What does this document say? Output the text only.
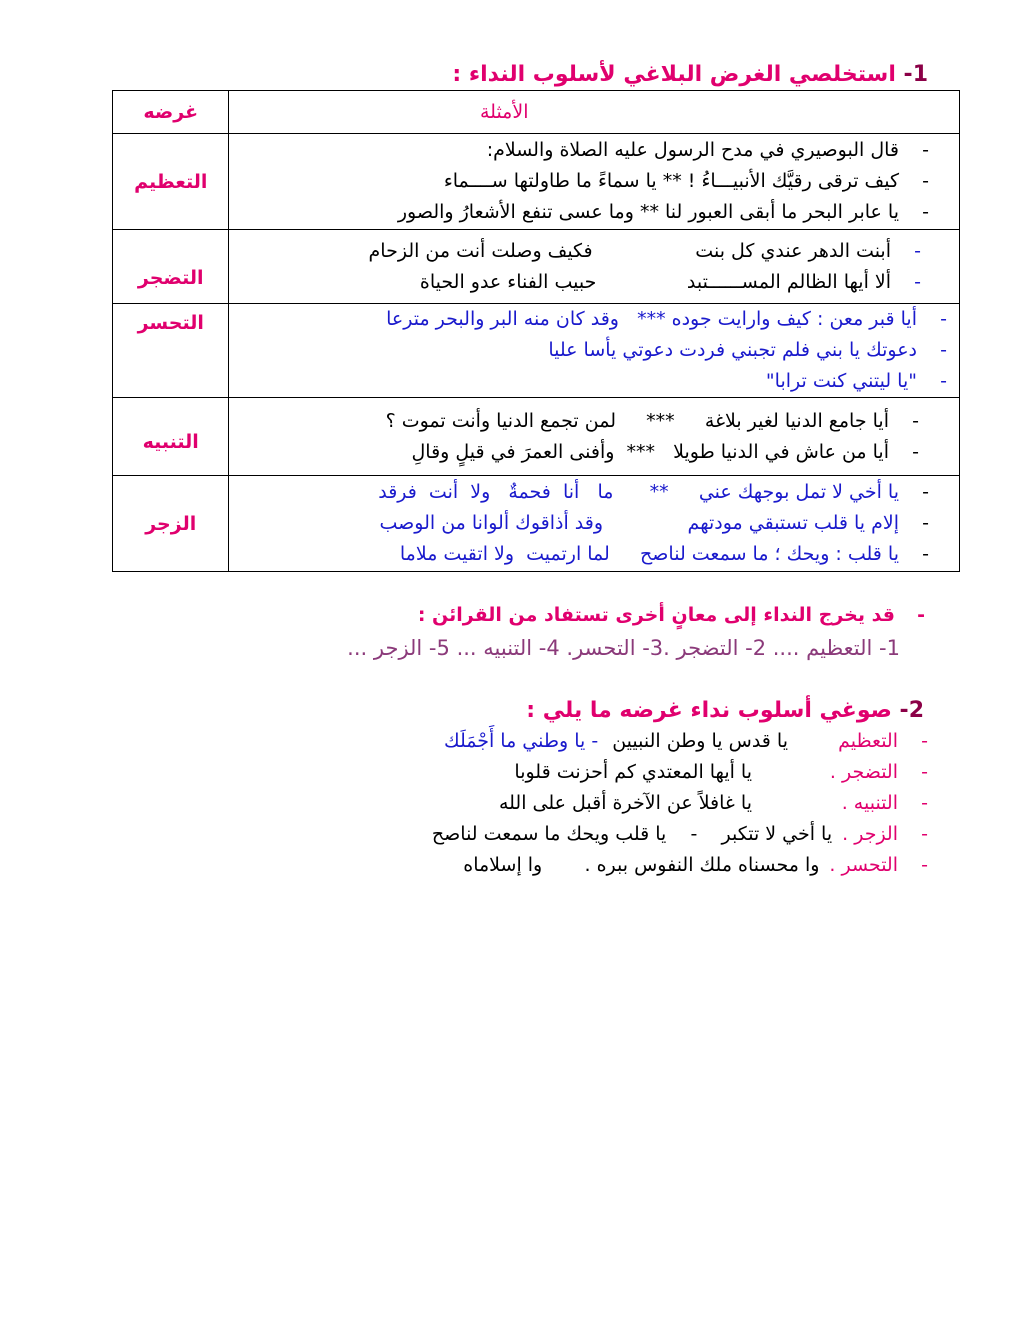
1- استخلصي الغرض البلاغي لأسلوب النداء :
الأمثلة	غرضه

-قال البوصيري في مدح الرسول عليه الصلاة والسلام:
-كيف ترقى رقيَّك الأنبيـــاءُ ! ** يا سماءً ما طاولتها ســــماء
-يا عابر البحر ما أبقى العبور لنا ** وما عسى تنفع الأشعارُ والصور	التعظيم

-أبنت الدهر عندي كل بنت                 فكيف وصلت أنت من الزحام
-ألا أيها الظالم المســــــتبد               حبيب الفناء عدو الحياة	التضجر

-أيا قبر معن : كيف وارايت جوده ***   وقد كان منه البر والبحر مترعا
-دعوتك يا بني فلم تجبني فردت دعوتي يأسا عليا
-"يا ليتني كنت ترابا"	التحسر

-أيا جامع الدنيا لغير بلاغة     ***     لمن تجمع الدنيا وأنت تموت ؟
-أيا من عاش في الدنيا طويلا   ***  وأفنى العمرَ في قيلٍ وقالِ	التنبيه

-يا أخي لا تمل بوجهك عني     **      ما   أنا  فحمةٌ   ولا  أنت  فرقد
-إلام يا قلب تستبقي مودتهم              وقد أذاقوك ألوانا من الوصب
-يا قلب : ويحك ؛ ما سمعت لناصح     لما ارتميت  ولا اتقيت ملاما	الزجر
-قد يخرج النداء إلى معانٍ أخرى تستفاد من القرائن :
1- التعظيم .... 2- التضجر .3- التحسر. 4- التنبيه ... 5- الزجر ...
2- صوغي أسلوب نداء غرضه ما يلي :
-التعظيميا قدس يا وطن النبيين- يا وطني ما أَجْمَلَك
-التضجر .يا أيها المعتدي كم أحزنت قلوبا
-التنبيه .يا غافلاً عن الآخرة أقبل على الله
-الزجر .يا أخي لا تتكبر    -    يا قلب ويحك ما سمعت لناصح
-التحسر .وا محسناه ملك النفوس ببره .       وا إسلاماه
